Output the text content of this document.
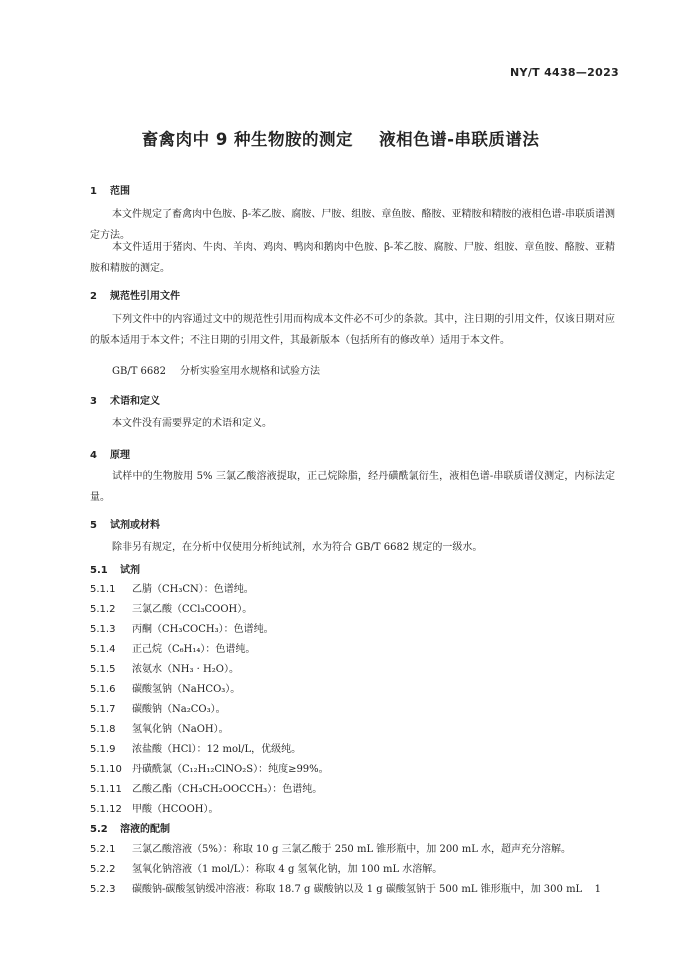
NY/T 4438—2023
畜禽肉中 9 种生物胺的测定 液相色谱-串联质谱法
1 范围
本文件规定了畜禽肉中色胺、β-苯乙胺、腐胺、尸胺、组胺、章鱼胺、酪胺、亚精胺和精胺的液相色谱-串联质谱测定方法。
本文件适用于猪肉、牛肉、羊肉、鸡肉、鸭肉和鹅肉中色胺、β-苯乙胺、腐胺、尸胺、组胺、章鱼胺、酪胺、亚精胺和精胺的测定。
2 规范性引用文件
下列文件中的内容通过文中的规范性引用而构成本文件必不可少的条款。其中，注日期的引用文件，仅该日期对应的版本适用于本文件；不注日期的引用文件，其最新版本（包括所有的修改单）适用于本文件。
GB/T 6682 分析实验室用水规格和试验方法
3 术语和定义
本文件没有需要界定的术语和定义。
4 原理
试样中的生物胺用 5% 三氯乙酸溶液提取，正己烷除脂，经丹磺酰氯衍生，液相色谱-串联质谱仪测定，内标法定量。
5 试剂或材料
除非另有规定，在分析中仅使用分析纯试剂，水为符合 GB/T 6682 规定的一级水。
5.1 试剂
5.1.1 乙腈（CH₃CN）：色谱纯。
5.1.2 三氯乙酸（CCl₃COOH）。
5.1.3 丙酮（CH₃COCH₃）：色谱纯。
5.1.4 正己烷（C₆H₁₄）：色谱纯。
5.1.5 浓氨水（NH₃ · H₂O）。
5.1.6 碳酸氢钠（NaHCO₃）。
5.1.7 碳酸钠（Na₂CO₃）。
5.1.8 氢氧化钠（NaOH）。
5.1.9 浓盐酸（HCl）：12 mol/L，优级纯。
5.1.10 丹磺酰氯（C₁₂H₁₂ClNO₂S）：纯度≥99%。
5.1.11 乙酸乙酯（CH₃CH₂OOCCH₃）：色谱纯。
5.1.12 甲酸（HCOOH）。
5.2 溶液的配制
5.2.1 三氯乙酸溶液（5%）：称取 10 g 三氯乙酸于 250 mL 锥形瓶中，加 200 mL 水，超声充分溶解。
5.2.2 氢氧化钠溶液（1 mol/L）：称取 4 g 氢氧化钠，加 100 mL 水溶解。
5.2.3 碳酸钠-碳酸氢钠缓冲溶液：称取 18.7 g 碳酸钠以及 1 g 碳酸氢钠于 500 mL 锥形瓶中，加 300 mL	1
